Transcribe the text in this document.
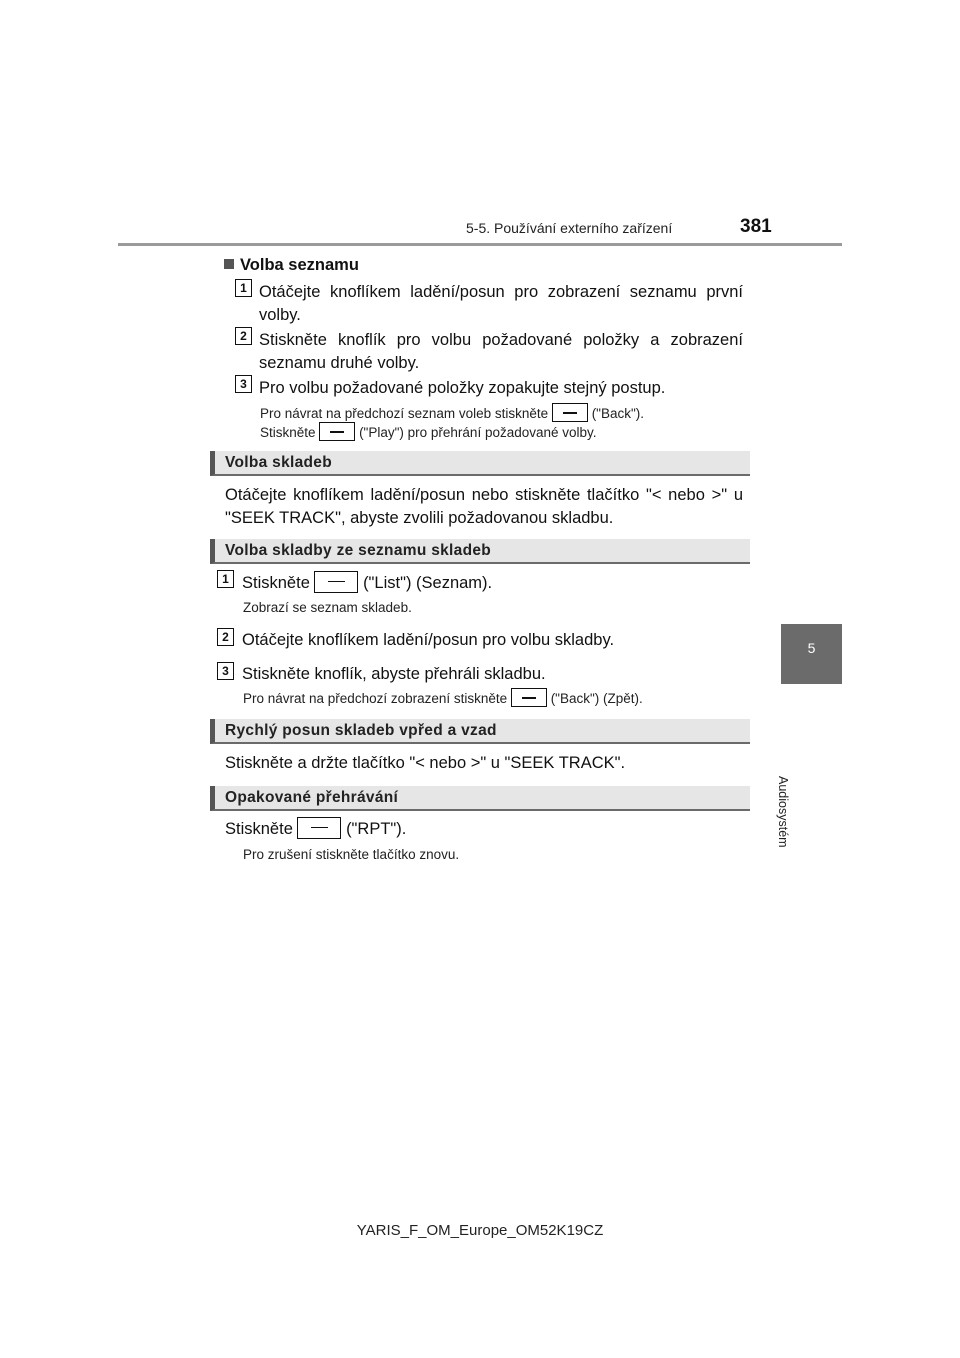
5-5. Používání externího zařízení	381
5
Audiosystém
Volba seznamu
1 Otáčejte knoflíkem ladění/posun pro zobrazení seznamu první volby.
2 Stiskněte knoflík pro volbu požadované položky a zobrazení seznamu druhé volby.
3 Pro volbu požadované položky zopakujte stejný postup.
Pro návrat na předchozí seznam voleb stiskněte	("Back").
Stiskněte	("Play") pro přehrání požadované volby.
Volba skladeb
Otáčejte knoflíkem ladění/posun nebo stiskněte tlačítko "< nebo >" u "SEEK TRACK", abyste zvolili požadovanou skladbu.
Volba skladby ze seznamu skladeb
1 Stiskněte	("List") (Seznam).
Zobrazí se seznam skladeb.
2 Otáčejte knoflíkem ladění/posun pro volbu skladby.
3 Stiskněte knoflík, abyste přehráli skladbu.
Pro návrat na předchozí zobrazení stiskněte	("Back") (Zpět).
Rychlý posun skladeb vpřed a vzad
Stiskněte a držte tlačítko "< nebo >" u "SEEK TRACK".
Opakované přehrávání
Stiskněte	("RPT").
Pro zrušení stiskněte tlačítko znovu.
YARIS_F_OM_Europe_OM52K19CZ
